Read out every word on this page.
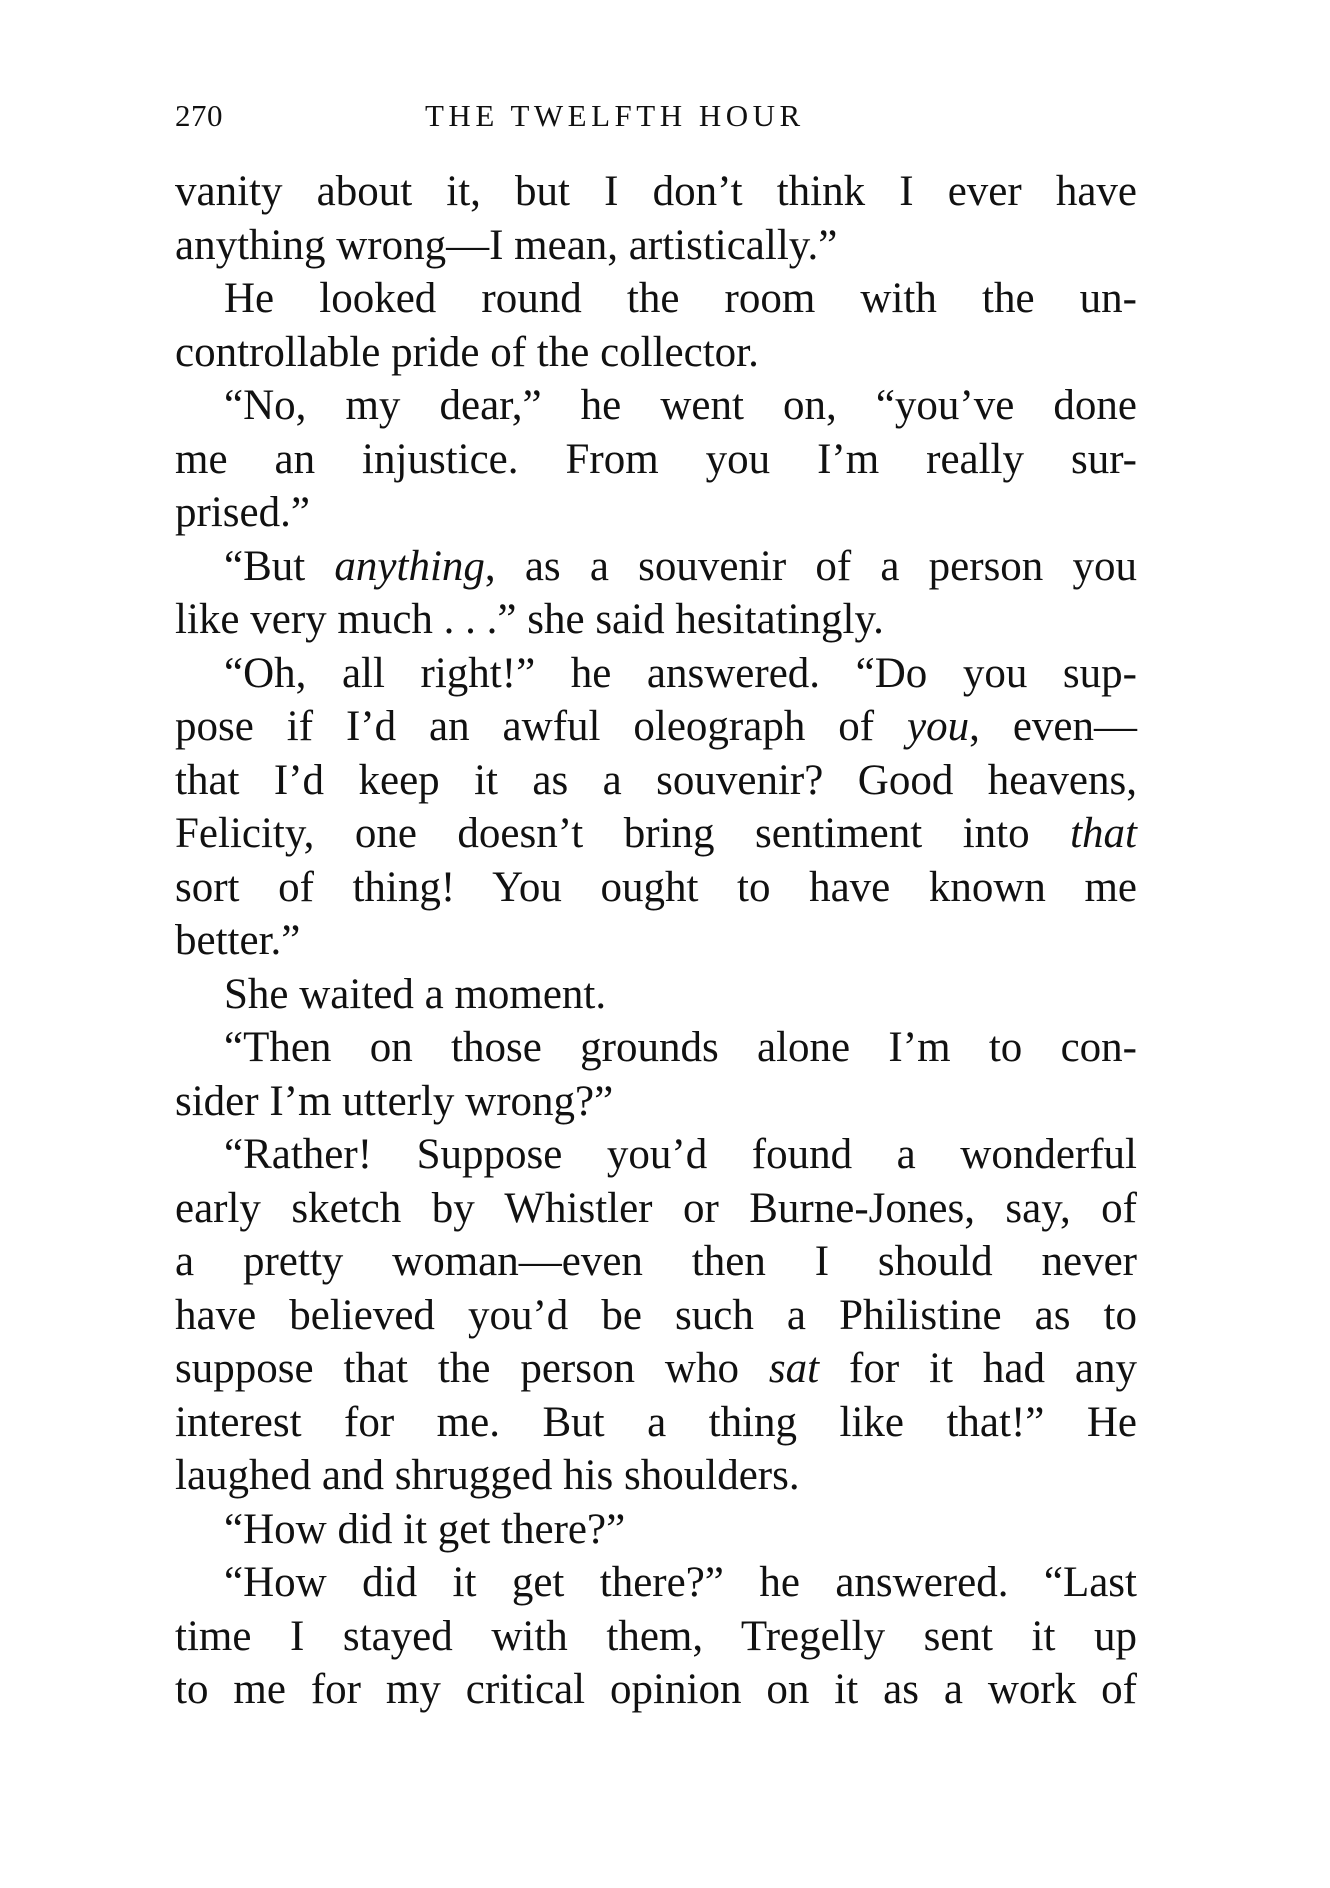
270	THE TWELFTH HOUR
vanity about it, but I don’t think I ever have
anything wrong—I mean, artistically.”
He looked round the room with the un-
controllable pride of the collector.
“No, my dear,” he went on, “you’ve done
me an injustice. From you I’m really sur-
prised.”
“But anything, as a souvenir of a person you
like very much . . .” she said hesitatingly.
“Oh, all right!” he answered. “Do you sup-
pose if I’d an awful oleograph of you, even—
that I’d keep it as a souvenir? Good heavens,
Felicity, one doesn’t bring sentiment into that
sort of thing! You ought to have known me
better.”
She waited a moment.
“Then on those grounds alone I’m to con-
sider I’m utterly wrong?”
“Rather! Suppose you’d found a wonderful
early sketch by Whistler or Burne-Jones, say, of
a pretty woman—even then I should never
have believed you’d be such a Philistine as to
suppose that the person who sat for it had any
interest for me. But a thing like that!” He
laughed and shrugged his shoulders.
“How did it get there?”
“How did it get there?” he answered. “Last
time I stayed with them, Tregelly sent it up
to me for my critical opinion on it as a work of
